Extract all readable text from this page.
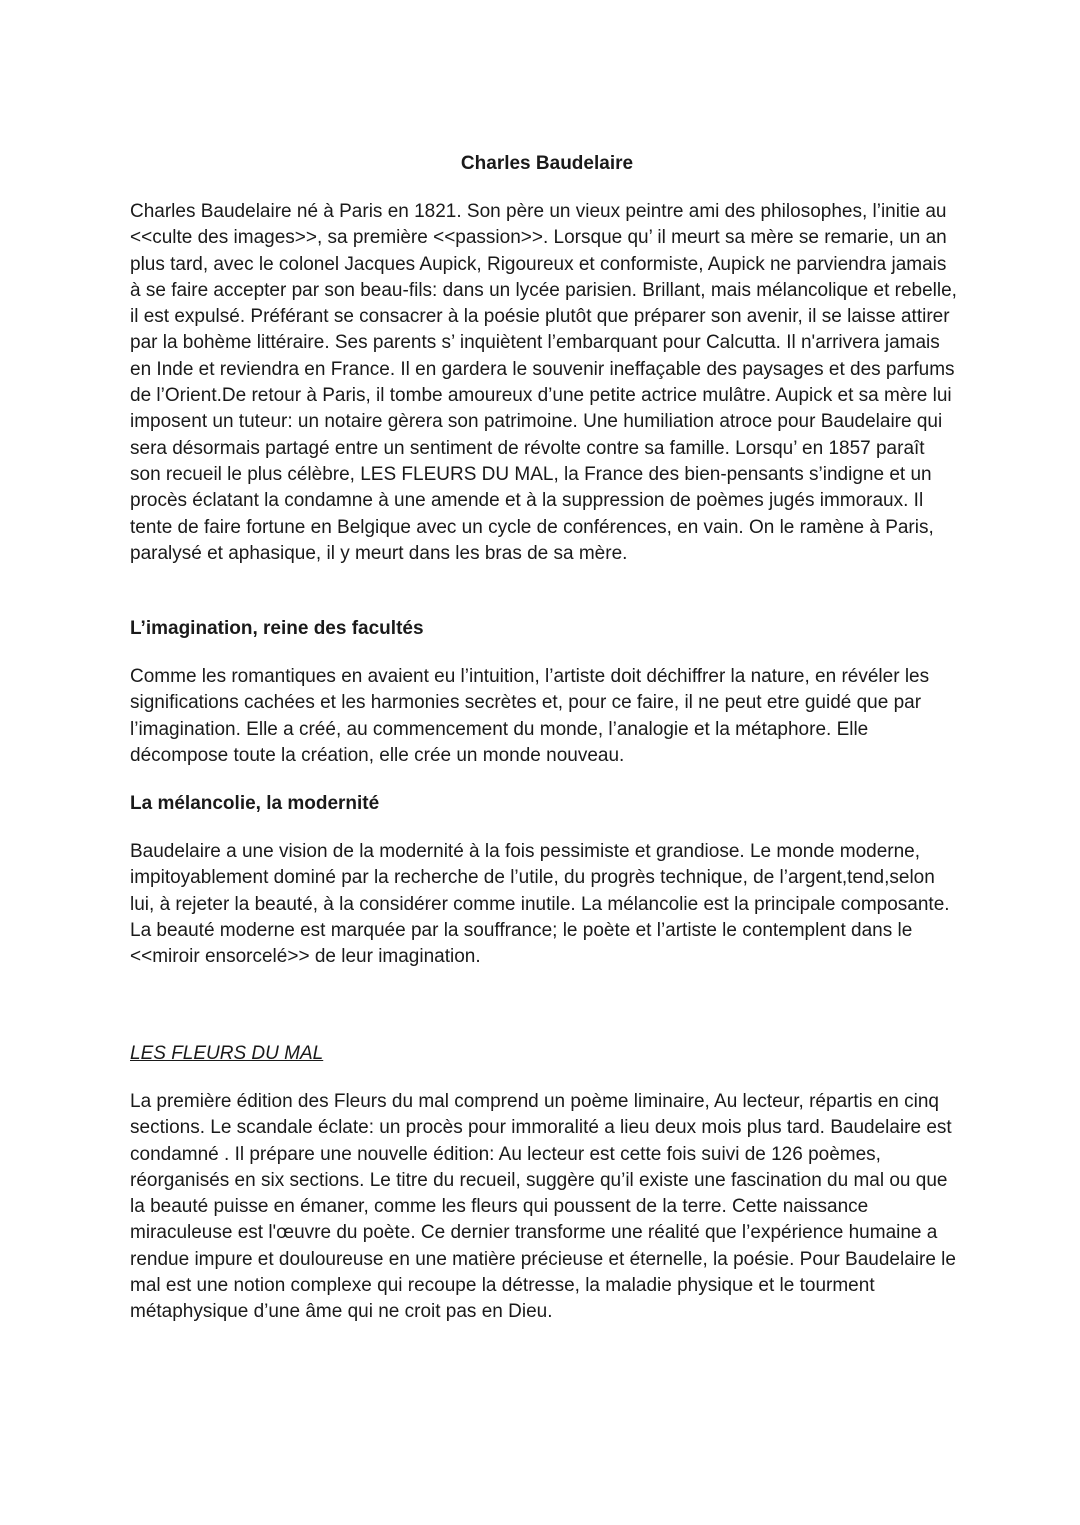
Charles Baudelaire

Charles Baudelaire né à Paris en 1821. Son père un vieux peintre ami des philosophes, l’initie au <<culte des images>>, sa première <<passion>>. Lorsque qu’ il meurt sa mère se remarie, un an plus tard, avec le colonel Jacques Aupick, Rigoureux et conformiste, Aupick ne parviendra jamais à se faire accepter par son beau-fils: dans un lycée parisien. Brillant, mais mélancolique et rebelle, il est expulsé. Préférant se consacrer à la poésie plutôt que préparer son avenir, il se laisse attirer par la bohème littéraire. Ses parents s’ inquiètent l’embarquant pour Calcutta. Il n'arrivera jamais en Inde et reviendra en France. Il en gardera le souvenir ineffaçable des paysages et des parfums de l’Orient.De retour à Paris, il tombe amoureux d’une petite actrice mulâtre. Aupick et sa mère lui imposent un tuteur: un notaire gèrera son patrimoine. Une humiliation atroce pour Baudelaire qui sera désormais partagé entre un sentiment de révolte contre sa famille. Lorsqu’ en 1857 paraît son recueil le plus célèbre, LES FLEURS DU MAL, la France des bien-pensants s’indigne et un procès éclatant la condamne à une amende et à la suppression de poèmes jugés immoraux. Il tente de faire fortune en Belgique avec un cycle de conférences, en vain. On le ramène à Paris, paralysé et aphasique, il y meurt dans les bras de sa mère.

L’imagination, reine des facultés

Comme les romantiques en avaient eu l’intuition, l’artiste doit déchiffrer la nature, en révéler les significations cachées et les harmonies secrètes et, pour ce faire, il ne peut etre guidé que par l’imagination. Elle a créé, au commencement du monde, l’analogie et la métaphore. Elle décompose toute la création, elle crée un monde nouveau.

La mélancolie, la modernité

Baudelaire a une vision de la modernité à la fois pessimiste et grandiose. Le monde moderne, impitoyablement dominé par la recherche de l’utile, du progrès technique, de l’argent,tend,selon lui, à rejeter la beauté, à la considérer comme inutile. La mélancolie est la principale composante. La beauté moderne est marquée par la souffrance; le poète et l’artiste le contemplent dans le <<miroir ensorcelé>> de leur imagination.

LES FLEURS DU MAL

La première édition des Fleurs du mal comprend un poème liminaire, Au lecteur, répartis en cinq sections. Le scandale éclate: un procès pour immoralité a lieu deux mois plus tard. Baudelaire est condamné . Il prépare une nouvelle édition: Au lecteur est cette fois suivi de 126 poèmes, réorganisés en six sections. Le titre du recueil, suggère qu’il existe une fascination du mal ou que la beauté puisse en émaner, comme les fleurs qui poussent de la terre. Cette naissance miraculeuse est l'œuvre du poète. Ce dernier transforme une réalité que l’expérience humaine a rendue impure et douloureuse en une matière précieuse et éternelle, la poésie. Pour Baudelaire le mal est une notion complexe qui recoupe la détresse, la maladie physique et le tourment métaphysique d’une âme qui ne croit pas en Dieu.
